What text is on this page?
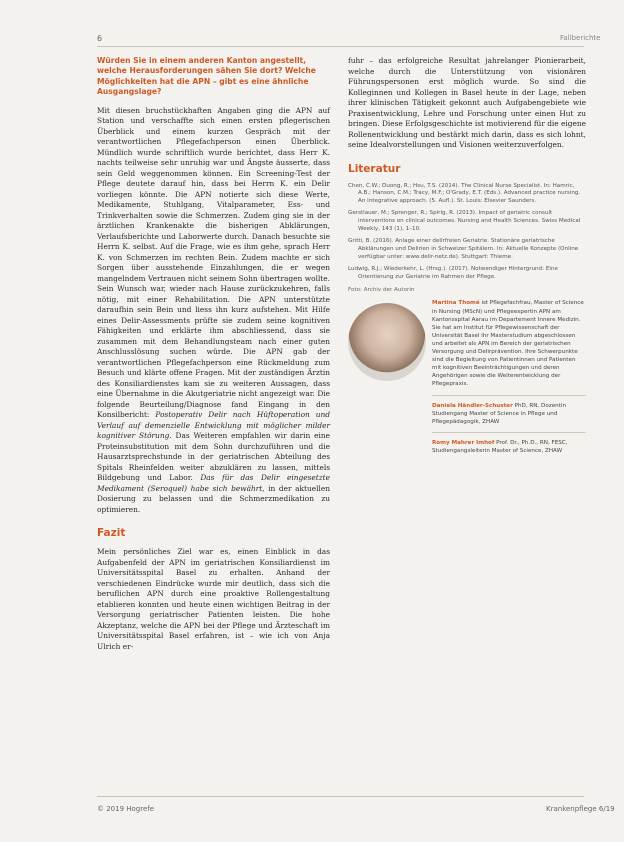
6	Fallberichte

Würden Sie in einem anderen Kanton angestellt, welche Herausforderungen sähen Sie dort? Welche Möglichkeiten hat die APN – gibt es eine ähnliche Ausgangslage?

Mit diesen bruchstückhaften Angaben ging die APN auf Station und verschaffte sich einen ersten pflegerischen Überblick und einem kurzen Gespräch mit der verantwortlichen Pflegefachperson einen Überblick. Mündlich wurde schriftlich wurde berichtet, dass Herr K. nachts teilweise sehr unruhig war und Ängste äusserte, dass sein Geld weggenommen können. Ein Screening-Test der Pflege deutete darauf hin, dass bei Herrn K. ein Delir vorliegen könnte. Die APN notierte sich diese Werte, Medikamente, Stuhlgang, Vitalparameter, Ess- und Trinkverhalten sowie die Schmerzen. Zudem ging sie in der ärztlichen Krankenakte die bisherigen Abklärungen, Verlaufsberichte und Laborwerte durch. Danach besuchte sie Herrn K. selbst. Auf die Frage, wie es ihm gehe, sprach Herr K. von Schmerzen im rechten Bein. Zudem machte er sich Sorgen über ausstehende Einzahlungen, die er wegen mangelndem Vertrauen nicht seinem Sohn übertragen wollte. Sein Wunsch war, wieder nach Hause zurückzukehren, falls nötig, mit einer Rehabilitation. Die APN unterstützte daraufhin sein Bein und liess ihn kurz aufstehen. Mit Hilfe eines Delir-Assessments prüfte sie zudem seine kognitiven Fähigkeiten und erklärte ihm abschliessend, dass sie zusammen mit dem Behandlungsteam nach einer guten Anschlusslösung suchen würde. Die APN gab der verantwortlichen Pflegefachperson eine Rückmeldung zum Besuch und klärte offene Fragen. Mit der zuständigen Ärztin des Konsiliardienstes kam sie zu weiteren Aussagen, dass eine Übernahme in die Akutgeriatrie nicht angezeigt war. Die folgende Beurteilung/Diagnose fand Eingang in den Konsilbericht: Postoperativ Delir nach Hüftoperation und Verlauf auf demenzielle Entwicklung mit möglicher milder kognitiver Störung. Das Weiteren empfahlen wir darin eine Proteinsubstitution mit dem Sohn durchzuführen und die Hausarztsprechstunde in der geriatrischen Abteilung des Spitals Rheinfelden weiter abzuklären zu lassen, mittels Bildgebung und Labor. Das für das Delir eingesetzte Medikament (Seroquel) habe sich bewährt, in der aktuellen Dosierung zu belassen und die Schmerzmedikation zu optimieren.

Fazit

Mein persönliches Ziel war es, einen Einblick in das Aufgabenfeld der APN im geriatrischen Konsiliardienst im Universitätsspital Basel zu erhalten. Anhand der verschiedenen Eindrücke wurde mir deutlich, dass sich die beruflichen APN durch eine proaktive Rollengestaltung etablieren konnten und heute einen wichtigen Beitrag in der Versorgung geriatrischer Patienten leisten. Die hohe Akzeptanz, welche die APN bei der Pflege und Ärzteschaft im Universitätsspital Basel erfahren, ist – wie ich von Anja Ulrich er-

fuhr – das erfolgreiche Resultat jahrelanger Pionierarbeit, welche durch die Unterstützung von visionären Führungspersonen erst möglich wurde. So sind die Kolleginnen und Kollegen in Basel heute in der Lage, neben ihrer klinischen Tätigkeit gekonnt auch Aufgabengebiete wie Praxisentwicklung, Lehre und Forschung unter einen Hut zu bringen. Diese Erfolgsgeschichte ist motivierend für die eigene Rollenentwicklung und bestärkt mich darin, dass es sich lohnt, seine Idealvorstellungen und Visionen weiterzuverfolgen.

Literatur

Chen, C.W.; Duong, R.; Hsu, T.S. (2014). The Clinical Nurse Specialist. In: Hamric, A.B.; Hanson, C.M.; Tracy, M.F.; O'Grady, E.T. (Eds.). Advanced practice nursing. An integrative approach. (5. Aufl.). St. Louis: Elsevier Saunders.

Gerstlauer, M.; Sprenger, R.; Spirig, R. (2013). Impact of geriatric consult interventions on clinical outcomes. Nursing and Health Sciences. Swiss Medical Weekly, 143 (1), 1–10.

Gritti, B. (2016). Anlage einer delirfreien Geriatrie. Stationäre geriatrische Abklärungen und Delirien in Schweizer Spitälern. In: Aktuelle Konzepte (Online verfügbar unter: www.delir-netz.de). Stuttgart: Thieme.

Ludwig, R.J.; Wiederkehr, L. (Hrsg.). (2017). Notwendiger Hintergrund: Eine Orientierung zur Geriatrie im Rahmen der Pflege.

Foto: Archiv der Autorin

Martina Thomé ist Pflegefachfrau, Master of Science in Nursing (MScN) und Pflegeexpertin APN am Kantonsspital Aarau im Departement Innere Medizin. Sie hat am Institut für Pflegewissenschaft der Universität Basel ihr Masterstudium abgeschlossen und arbeitet als APN im Bereich der geriatrischen Versorgung und Delirprävention. Ihre Schwerpunkte sind die Begleitung von Patientinnen und Patienten mit kognitiven Beeinträchtigungen und deren Angehörigen sowie die Weiterentwicklung der Pflegepraxis.

Daniela Händler-Schuster PhD, RN, Dozentin Studiengang Master of Science in Pflege und Pflegepädagogik, ZHAW

Romy Mahrer Imhof Prof. Dr., Ph.D., RN, FESC, Studiengangsleiterin Master of Science, ZHAW

© 2019 Hogrefe	Krankenpflege 6/19
